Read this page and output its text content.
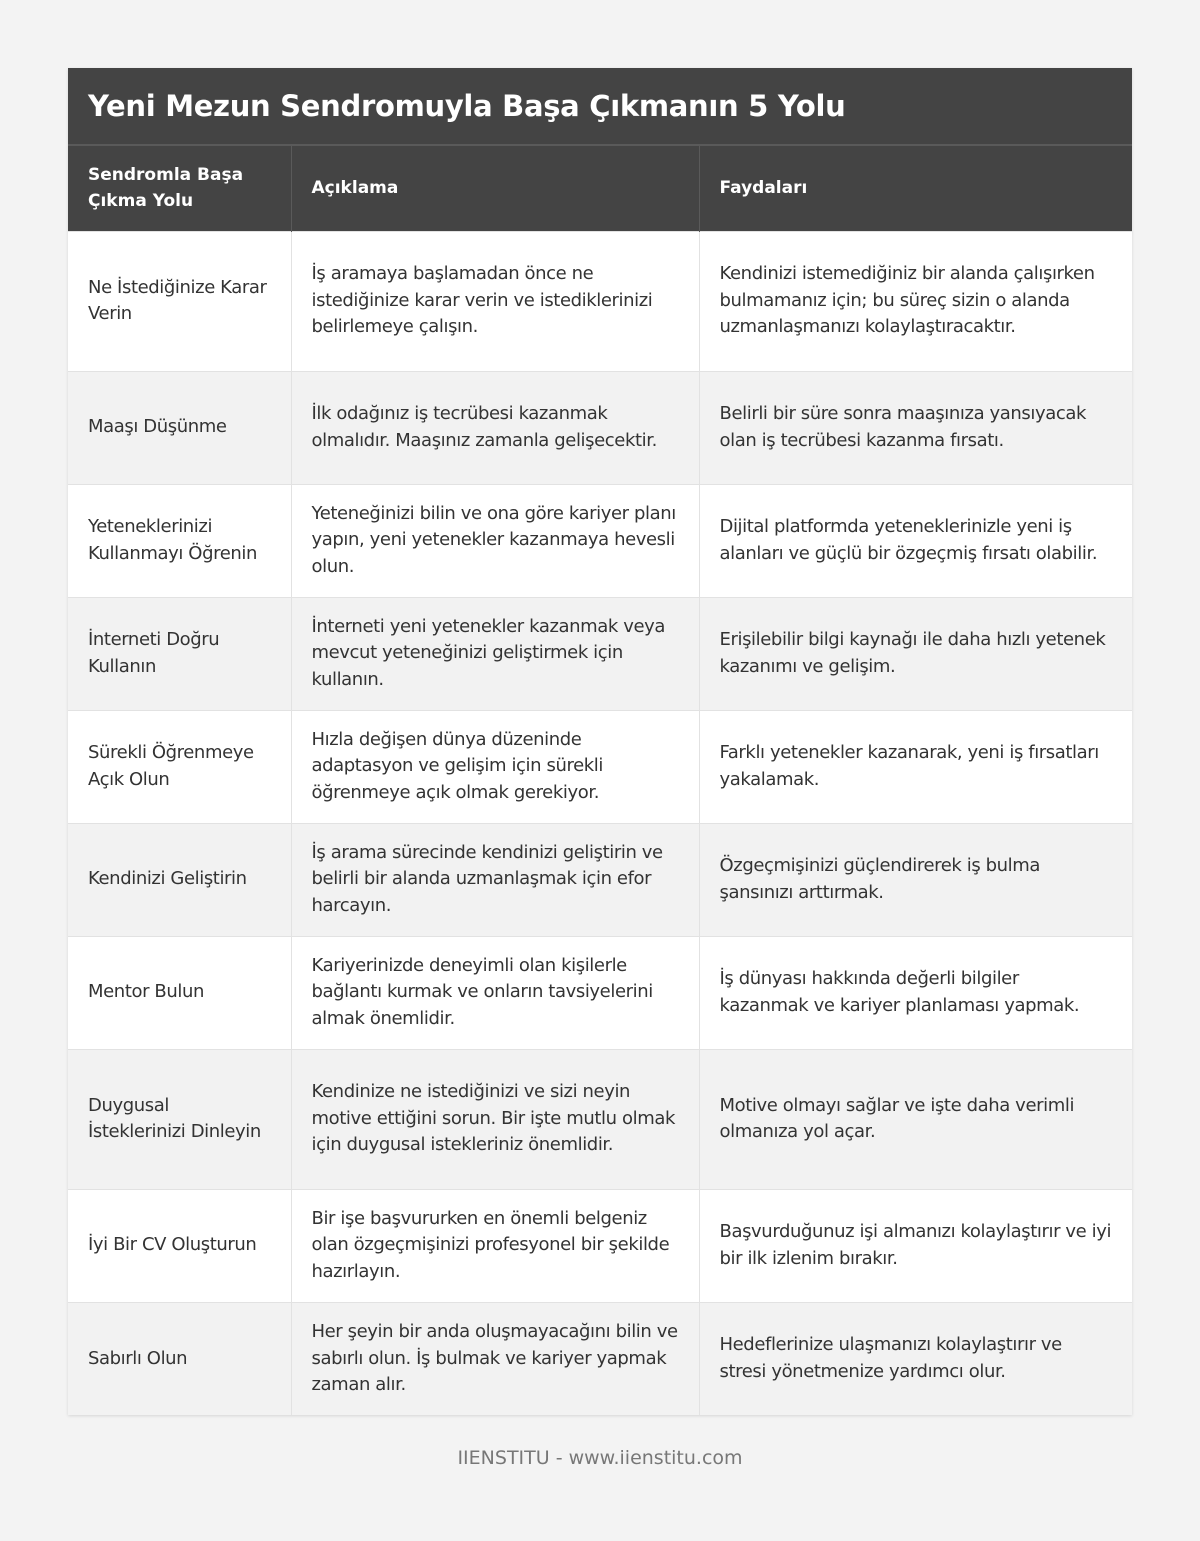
Yeni Mezun Sendromuyla Başa Çıkmanın 5 Yolu
Sendromla Başa Çıkma Yolu	Açıklama	Faydaları
Ne İstediğinize Karar Verin	İş aramaya başlamadan önce ne istediğinize karar verin ve istediklerinizi belirlemeye çalışın.	Kendinizi istemediğiniz bir alanda çalışırken bulmamanız için; bu süreç sizin o alanda uzmanlaşmanızı kolaylaştıracaktır.
Maaşı Düşünme	İlk odağınız iş tecrübesi kazanmak olmalıdır. Maaşınız zamanla gelişecektir.	Belirli bir süre sonra maaşınıza yansıyacak olan iş tecrübesi kazanma fırsatı.
Yeteneklerinizi Kullanmayı Öğrenin	Yeteneğinizi bilin ve ona göre kariyer planı yapın, yeni yetenekler kazanmaya hevesli olun.	Dijital platformda yeteneklerinizle yeni iş alanları ve güçlü bir özgeçmiş fırsatı olabilir.
İnterneti Doğru Kullanın	İnterneti yeni yetenekler kazanmak veya mevcut yeteneğinizi geliştirmek için kullanın.	Erişilebilir bilgi kaynağı ile daha hızlı yetenek kazanımı ve gelişim.
Sürekli Öğrenmeye Açık Olun	Hızla değişen dünya düzeninde adaptasyon ve gelişim için sürekli öğrenmeye açık olmak gerekiyor.	Farklı yetenekler kazanarak, yeni iş fırsatları yakalamak.
Kendinizi Geliştirin	İş arama sürecinde kendinizi geliştirin ve belirli bir alanda uzmanlaşmak için efor harcayın.	Özgeçmişinizi güçlendirerek iş bulma şansınızı arttırmak.
Mentor Bulun	Kariyerinizde deneyimli olan kişilerle bağlantı kurmak ve onların tavsiyelerini almak önemlidir.	İş dünyası hakkında değerli bilgiler kazanmak ve kariyer planlaması yapmak.
Duygusal İsteklerinizi Dinleyin	Kendinize ne istediğinizi ve sizi neyin motive ettiğini sorun. Bir işte mutlu olmak için duygusal istekleriniz önemlidir.	Motive olmayı sağlar ve işte daha verimli olmanıza yol açar.
İyi Bir CV Oluşturun	Bir işe başvururken en önemli belgeniz olan özgeçmişinizi profesyonel bir şekilde hazırlayın.	Başvurduğunuz işi almanızı kolaylaştırır ve iyi bir ilk izlenim bırakır.
Sabırlı Olun	Her şeyin bir anda oluşmayacağını bilin ve sabırlı olun. İş bulmak ve kariyer yapmak zaman alır.	Hedeflerinize ulaşmanızı kolaylaştırır ve stresi yönetmenize yardımcı olur.
IIENSTITU - www.iienstitu.com
